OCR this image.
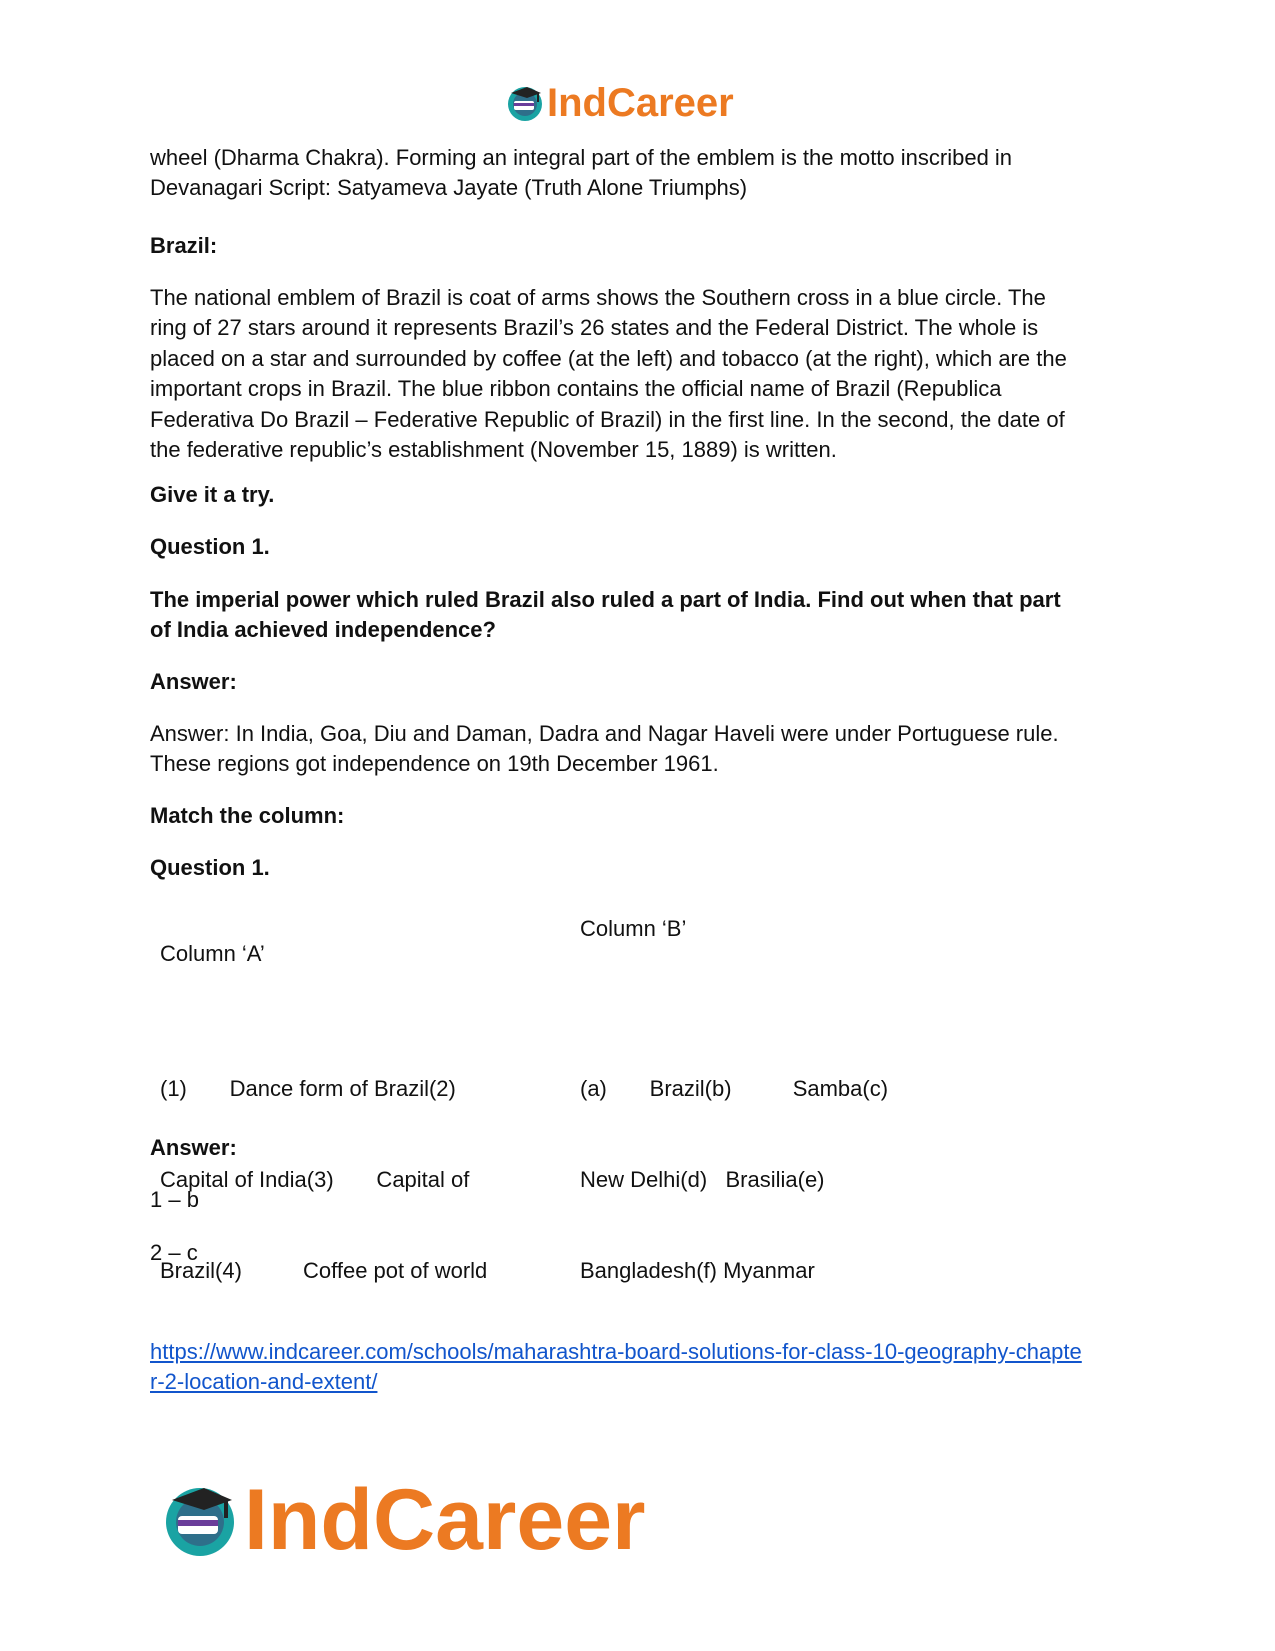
IndCareer

wheel (Dharma Chakra). Forming an integral part of the emblem is the motto inscribed in
Devanagari Script: Satyameva Jayate (Truth Alone Triumphs)

Brazil:

The national emblem of Brazil is coat of arms shows the Southern cross in a blue circle. The
ring of 27 stars around it represents Brazil’s 26 states and the Federal District. The whole is
placed on a star and surrounded by coffee (at the left) and tobacco (at the right), which are the
important crops in Brazil. The blue ribbon contains the official name of Brazil (Republica
Federativa Do Brazil – Federative Republic of Brazil) in the first line. In the second, the date of
the federative republic’s establishment (November 15, 1889) is written.

Give it a try.

Question 1.

The imperial power which ruled Brazil also ruled a part of India. Find out when that part
of India achieved independence?

Answer:

Answer: In India, Goa, Diu and Daman, Dadra and Nagar Haveli were under Portuguese rule.
These regions got independence on 19th December 1961.

Match the column:

Question 1.

Column ‘A’
Column ‘B’

(1)       Dance form of Brazil(2)

Capital of India(3)       Capital of

Brazil(4)          Coffee pot of world

(a)       Brazil(b)          Samba(c)

New Delhi(d)   Brasilia(e)

Bangladesh(f) Myanmar

Answer:

1 – b

2 – c

https://www.indcareer.com/schools/maharashtra-board-solutions-for-class-10-geography-chapte
r-2-location-and-extent/

IndCareer
